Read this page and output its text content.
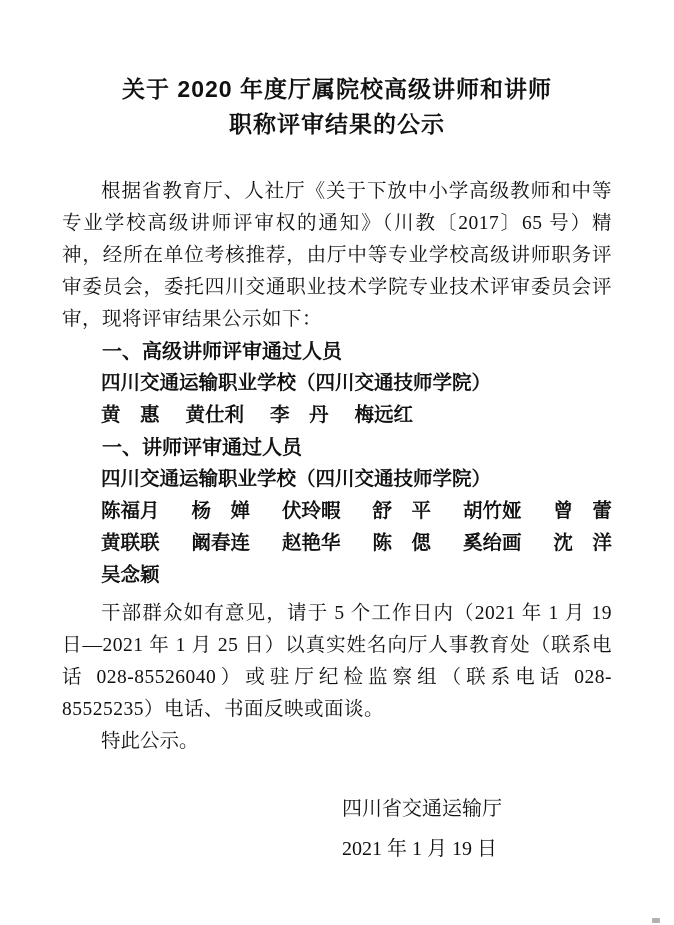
关于 2020 年度厅属院校高级讲师和讲师
职称评审结果的公示

根据省教育厅、人社厅《关于下放中小学高级教师和中等专业学校高级讲师评审权的通知》（川教〔2017〕65 号）精神，经所在单位考核推荐，由厅中等专业学校高级讲师职务评审委员会，委托四川交通职业技术学院专业技术评审委员会评审，现将评审结果公示如下：

一、高级讲师评审通过人员

四川交通运输职业学校（四川交通技师学院）

黄　惠 黄仕利 李　丹 梅远红
一、讲师评审通过人员

四川交通运输职业学校（四川交通技师学院）

陈福月 杨　婵 伏玲暇 舒　平 胡竹娅 曾　蕾
黄联联 阚春连 赵艳华 陈　偲 奚绐画 沈　洋
吴念颖

干部群众如有意见，请于 5 个工作日内（2021 年 1 月 19 日—2021 年 1 月 25 日）以真实姓名向厅人事教育处（联系电话 028-85526040）或驻厅纪检监察组（联系电话 028-85525235）电话、书面反映或面谈。

特此公示。

四川省交通运输厅
2021 年 1 月 19 日
